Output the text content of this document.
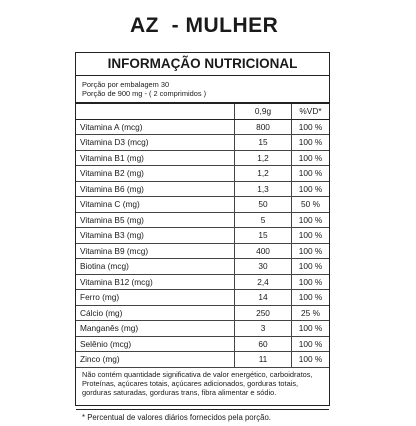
AZ  - MULHER
INFORMAÇÃO NUTRICIONAL
Porção por embalagem 30
Porção de 900 mg - ( 2 comprimidos )
	0,9g	%VD*
Vitamina A (mcg)	800	100 %
Vitamina D3 (mcg)	15	100 %
Vitamina B1 (mg)	1,2	100 %
Vitamina B2 (mg)	1,2	100 %
Vitamina B6 (mg)	1,3	100 %
Vitamina C (mg)	50	50 %
Vitamina B5 (mg)	5	100 %
Vitamina B3 (mg)	15	100 %
Vitamina B9 (mcg)	400	100 %
Biotina (mcg)	30	100 %
Vitamina B12 (mcg)	2,4	100 %
Ferro (mg)	14	100 %
Cálcio (mg)	250	25 %
Manganês (mg)	3	100 %
Selênio (mcg)	60	100 %
Zinco (mg)	11	100 %
Não contém quantidade significativa de valor energético, carboidratos, Proteínas, açúcares totais, açúcares adicionados, gorduras totais, gorduras saturadas, gorduras trans, fibra alimentar e sódio.
* Percentual de valores diários fornecidos pela porção.
